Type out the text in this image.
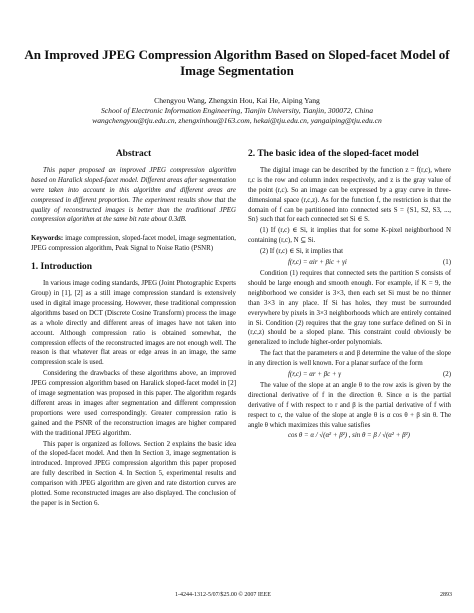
An Improved JPEG Compression Algorithm Based on Sloped-facet Model of Image Segmentation
Chengyou Wang, Zhengxin Hou, Kai He, Aiping Yang
School of Electronic Information Engineering, Tianjin University, Tianjin, 300072, China
wangchengyou@tju.edu.cn, zhengxinhou@163.com, hekai@tju.edu.cn, yangaiping@tju.edu.cn
Abstract

This paper proposed an improved JPEG compression algorithm based on Haralick sloped-facet model. Different areas after segmentation were taken into account in this algorithm and different areas are compressed in different proportion. The experiment results show that the quality of reconstructed images is better than the traditional JPEG compression algorithm at the same bit rate about 0.3dB.

Keywords: image compression, sloped-facet model, image segmentation, JPEG compression algorithm, Peak Signal to Noise Ratio (PSNR)

1. Introduction

In various image coding standards, JPEG (Joint Photographic Experts Group) in [1], [2] as a still image compression standard is extensively used in digital image processing. However, these traditional compression algorithms based on DCT (Discrete Cosine Transform) process the image as a whole directly and different areas of images have not taken into account. Although compression ratio is obtained somewhat, the compression effects of the reconstructed images are not enough well. The reason is that whatever flat areas or edge areas in an image, the same compression scale is used.

Considering the drawbacks of these algorithms above, an improved JPEG compression algorithm based on Haralick sloped-facet model in [2] of image segmentation was proposed in this paper. The algorithm regards different areas in images after segmentation and different compression proportions were used correspondingly. Greater compression ratio is gained and the PSNR of the reconstruction images are higher compared with the traditional JPEG algorithm.

This paper is organized as follows. Section 2 explains the basic idea of the sloped-facet model. And then In Section 3, image segmentation is introduced. Improved JPEG compression algorithm this paper proposed are fully described in Section 4. In Section 5, experimental results and comparison with JPEG algorithm are given and rate distortion curves are plotted. Some reconstructed images are also displayed. The conclusion of the paper is in Section 6.

2. The basic idea of the sloped-facet model

The digital image can be described by the function z = f(r,c), where r,c is the row and column index respectively, and z is the gray value of the point (r,c). So an image can be expressed by a gray curve in three-dimensional space (r,c,z). As for the function f, the restriction is that the domain of f can be partitioned into connected sets S = {S1, S2, S3, ..., Sn} such that for each connected set Si ∈ S.

(1) If (r,c) ∈ Si, it implies that for some K-pixel neighborhood N containing (r,c), N ⊆ Si.

(2) If (r,c) ∈ Si, it implies that

f(r,c) = αir + βic + γi	(1)

Condition (1) requires that connected sets the partition S consists of should be large enough and smooth enough. For example, if K = 9, the neighborhood we consider is 3×3, then each set Si must be no thinner than 3×3 in any place. If Si has holes, they must be surrounded everywhere by pixels in 3×3 neighborhoods which are entirely contained in Si. Condition (2) requires that the gray tone surface defined on Si in (r,c,z) should be a sloped plane. This constraint could obviously be generalized to include higher-order polynomials.

The fact that the parameters α and β determine the value of the slope in any direction is well known. For a planar surface of the form

f(r,c) = αr + βc + γ	(2)

The value of the slope at an angle θ to the row axis is given by the directional derivative of f in the direction θ. Since α is the partial derivative of f with respect to r and β is the partial derivative of f with respect to c, the value of the slope at angle θ is α cos θ + β sin θ. The angle θ which maximizes this value satisfies

cos θ = α / √(α² + β²) , sin θ = β / √(α² + β²)
1-4244-1312-5/07/$25.00 © 2007 IEEE	2893
